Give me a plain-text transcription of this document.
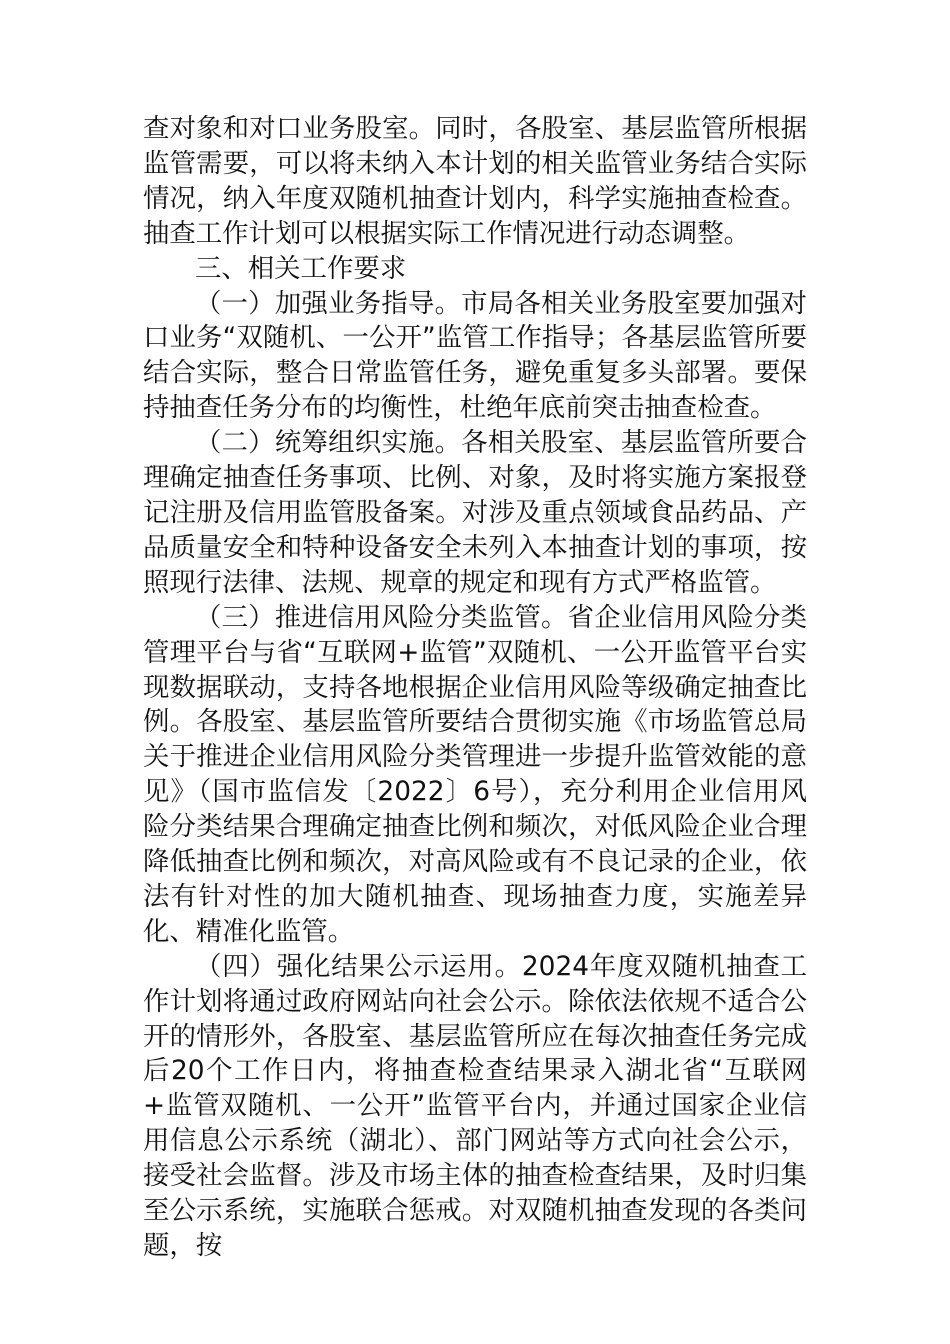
查对象和对口业务股室。同时，各股室、基层监管所根据监管需要，可以将未纳入本计划的相关监管业务结合实际情况，纳入年度双随机抽查计划内，科学实施抽查检查。抽查工作计划可以根据实际工作情况进行动态调整。

三、相关工作要求

（一）加强业务指导。市局各相关业务股室要加强对口业务“双随机、一公开”监管工作指导；各基层监管所要结合实际，整合日常监管任务，避免重复多头部署。要保持抽查任务分布的均衡性，杜绝年底前突击抽查检查。

（二）统筹组织实施。各相关股室、基层监管所要合理确定抽查任务事项、比例、对象，及时将实施方案报登记注册及信用监管股备案。对涉及重点领域食品药品、产品质量安全和特种设备安全未列入本抽查计划的事项，按照现行法律、法规、规章的规定和现有方式严格监管。

（三）推进信用风险分类监管。省企业信用风险分类管理平台与省“互联网+监管”双随机、一公开监管平台实现数据联动，支持各地根据企业信用风险等级确定抽查比例。各股室、基层监管所要结合贯彻实施《市场监管总局关于推进企业信用风险分类管理进一步提升监管效能的意见》（国市监信发〔2022〕6号），充分利用企业信用风险分类结果合理确定抽查比例和频次，对低风险企业合理降低抽查比例和频次，对高风险或有不良记录的企业，依法有针对性的加大随机抽查、现场抽查力度，实施差异化、精准化监管。

（四）强化结果公示运用。2024年度双随机抽查工作计划将通过政府网站向社会公示。除依法依规不适合公开的情形外，各股室、基层监管所应在每次抽查任务完成后20个工作日内，将抽查检查结果录入湖北省“互联网+监管双随机、一公开”监管平台内，并通过国家企业信用信息公示系统（湖北）、部门网站等方式向社会公示，接受社会监督。涉及市场主体的抽查检查结果，及时归集至公示系统，实施联合惩戒。对双随机抽查发现的各类问题，按
